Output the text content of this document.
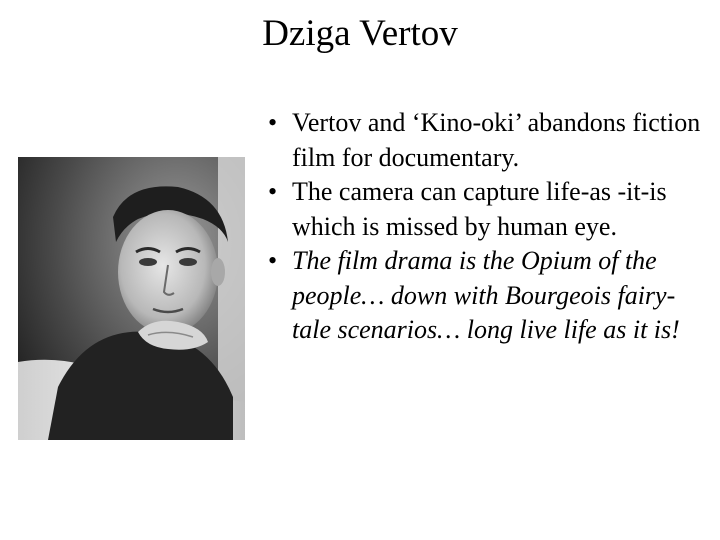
Dziga Vertov
• Vertov and ‘Kino-oki’ abandons fiction film for documentary.
• The camera can capture life-as -it-is which is missed by human eye.
• The film drama is the Opium of the people… down with Bourgeois fairy-tale scenarios… long live life as it is!
